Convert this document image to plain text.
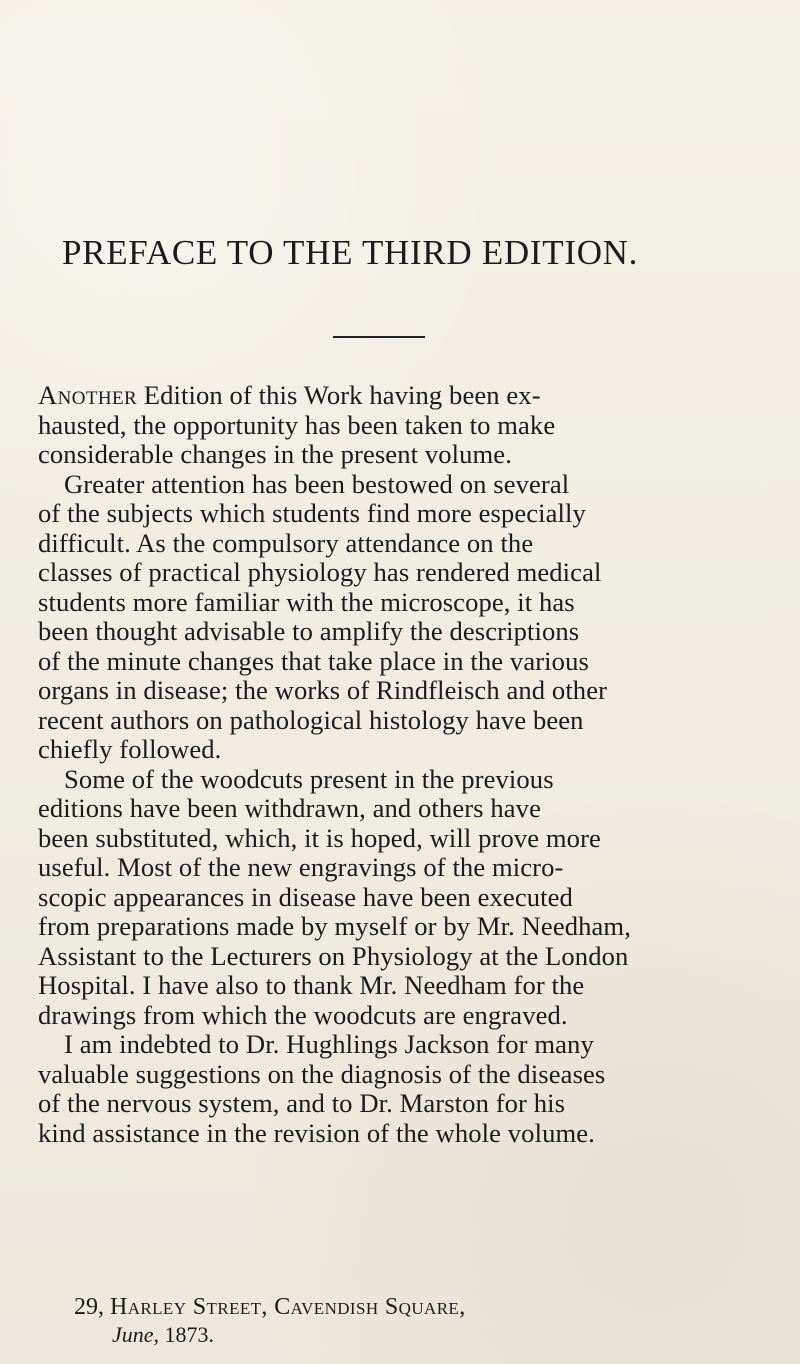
PREFACE TO THE THIRD EDITION.

Another Edition of this Work having been ex-

hausted, the opportunity has been taken to make

considerable changes in the present volume.

Greater attention has been bestowed on several

of the subjects which students find more especially

difficult. As the compulsory attendance on the

classes of practical physiology has rendered medical

students more familiar with the microscope, it has

been thought advisable to amplify the descriptions

of the minute changes that take place in the various

organs in disease; the works of Rindfleisch and other

recent authors on pathological histology have been

chiefly followed.

Some of the woodcuts present in the previous

editions have been withdrawn, and others have

been substituted, which, it is hoped, will prove more

useful. Most of the new engravings of the micro-

scopic appearances in disease have been executed

from preparations made by myself or by Mr. Needham,

Assistant to the Lecturers on Physiology at the London

Hospital. I have also to thank Mr. Needham for the

drawings from which the woodcuts are engraved.

I am indebted to Dr. Hughlings Jackson for many

valuable suggestions on the diagnosis of the diseases

of the nervous system, and to Dr. Marston for his

kind assistance in the revision of the whole volume.

29, Harley Street, Cavendish Square,

June, 1873.
